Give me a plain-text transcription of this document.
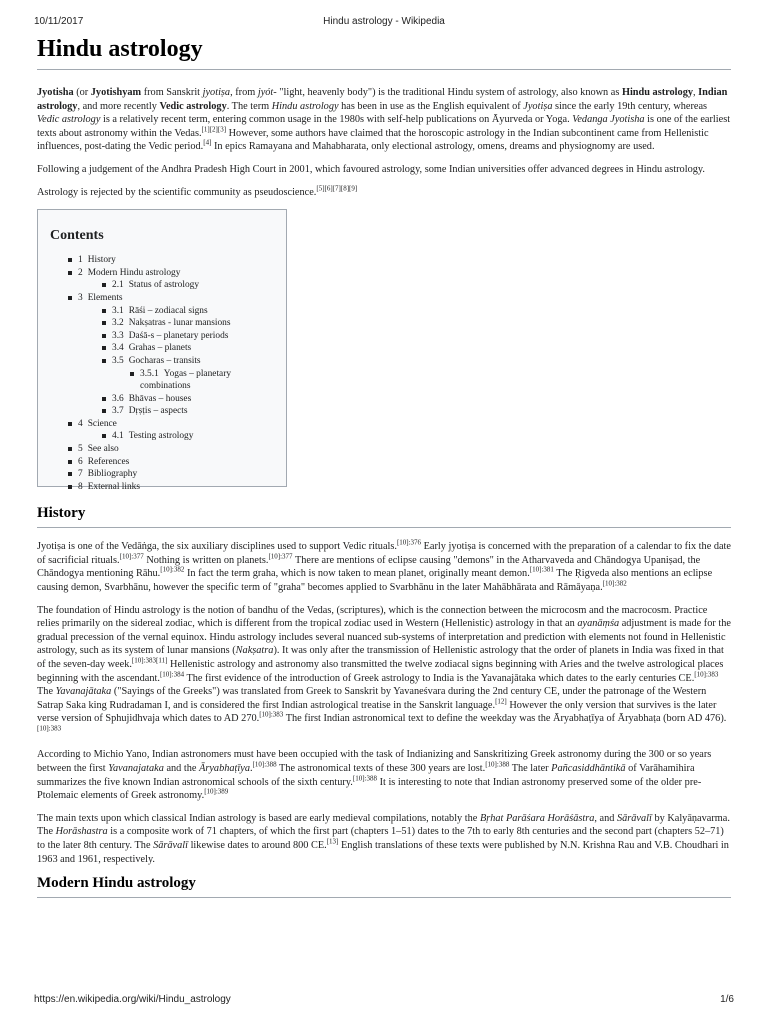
10/11/2017	Hindu astrology - Wikipedia
Hindu astrology

Jyotisha (or Jyotishyam from Sanskrit jyotiṣa, from jyót- "light, heavenly body") is the traditional Hindu system of astrology, also known as Hindu astrology, Indian astrology, and more recently Vedic astrology. The term Hindu astrology has been in use as the English equivalent of Jyotiṣa since the early 19th century, whereas Vedic astrology is a relatively recent term, entering common usage in the 1980s with self-help publications on Āyurveda or Yoga. Vedanga Jyotisha is one of the earliest texts about astronomy within the Vedas.[1][2][3] However, some authors have claimed that the horoscopic astrology in the Indian subcontinent came from Hellenistic influences, post-dating the Vedic period.[4] In epics Ramayana and Mahabharata, only electional astrology, omens, dreams and physiognomy are used.

Following a judgement of the Andhra Pradesh High Court in 2001, which favoured astrology, some Indian universities offer advanced degrees in Hindu astrology.

Astrology is rejected by the scientific community as pseudoscience.[5][6][7][8][9]

Contents
1 History
2 Modern Hindu astrology
2.1 Status of astrology
3 Elements
3.1 Rāśi – zodiacal signs
3.2 Nakṣatras - lunar mansions
3.3 Daśā-s – planetary periods
3.4 Grahas – planets
3.5 Gocharas – transits
3.5.1 Yogas – planetary combinations
3.6 Bhāvas – houses
3.7 Dṛṣṭis – aspects
4 Science
4.1 Testing astrology
5 See also
6 References
7 Bibliography
8 External links
History

Jyotiṣa is one of the Vedāṅga, the six auxiliary disciplines used to support Vedic rituals.$^{[10]:376}$ Early jyotiṣa is concerned with the preparation of a calendar to fix the date of sacrificial rituals.$^{[10]:377}$ Nothing is written on planets.$^{[10]:377}$ There are mentions of eclipse causing "demons" in the Atharvaveda and Chāndogya Upaniṣad, the Chāndogya mentioning Rāhu.$^{[10]:382}$ In fact the term graha, which is now taken to mean planet, originally meant demon.$^{[10]:381}$ The Ṛigveda also mentions an eclipse causing demon, Svarbhānu, however the specific term of "graha" becomes applied to Svarbhānu in the later Mahābhārata and Rāmāyaṇa.$^{[10]:382}$

The foundation of Hindu astrology is the notion of bandhu of the Vedas, (scriptures), which is the connection between the microcosm and the macrocosm. Practice relies primarily on the sidereal zodiac, which is different from the tropical zodiac used in Western (Hellenistic) astrology in that an ayanāṃśa adjustment is made for the gradual precession of the vernal equinox. Hindu astrology includes several nuanced sub-systems of interpretation and prediction with elements not found in Hellenistic astrology, such as its system of lunar mansions (Nakṣatra). It was only after the transmission of Hellenistic astrology that the order of planets in India was fixed in that of the seven-day week.[10]:383[11] Hellenistic astrology and astronomy also transmitted the twelve zodiacal signs beginning with Aries and the twelve astrological places beginning with the ascendant.$^{[10]:384}$ The first evidence of the introduction of Greek astrology to India is the Yavanajātaka which dates to the early centuries CE.$^{[10]:383}$ The Yavanajātaka ("Sayings of the Greeks") was translated from Greek to Sanskrit by Yavaneśvara during the 2nd century CE, under the patronage of the Western Satrap Saka king Rudradaman I, and is considered the first Indian astrological treatise in the Sanskrit language.[12] However the only version that survives is the later verse version of Sphujidhvaja which dates to AD 270.$^{[10]:383}$ The first Indian astronomical text to define the weekday was the Āryabhaṭīya of Āryabhaṭa (born AD 476).$^{[10]:383}$

According to Michio Yano, Indian astronomers must have been occupied with the task of Indianizing and Sanskritizing Greek astronomy during the 300 or so years between the first Yavanajataka and the Āryabhaṭīya.$^{[10]:388}$ The astronomical texts of these 300 years are lost.$^{[10]:388}$ The later Pañcasiddhāntikā of Varāhamihira summarizes the five known Indian astronomical schools of the sixth century.$^{[10]:388}$ It is interesting to note that Indian astronomy preserved some of the older pre-Ptolemaic elements of Greek astronomy.$^{[10]:389}$

The main texts upon which classical Indian astrology is based are early medieval compilations, notably the Bṛhat Parāśara Horāśāstra, and Sārāvalī by Kalyāṇavarma. The Horāshastra is a composite work of 71 chapters, of which the first part (chapters 1–51) dates to the 7th to early 8th centuries and the second part (chapters 52–71) to the later 8th century. The Sārāvalī likewise dates to around 800 CE.[13] English translations of these texts were published by N.N. Krishna Rau and V.B. Choudhari in 1963 and 1961, respectively.

Modern Hindu astrology
https://en.wikipedia.org/wiki/Hindu_astrology	1/6
